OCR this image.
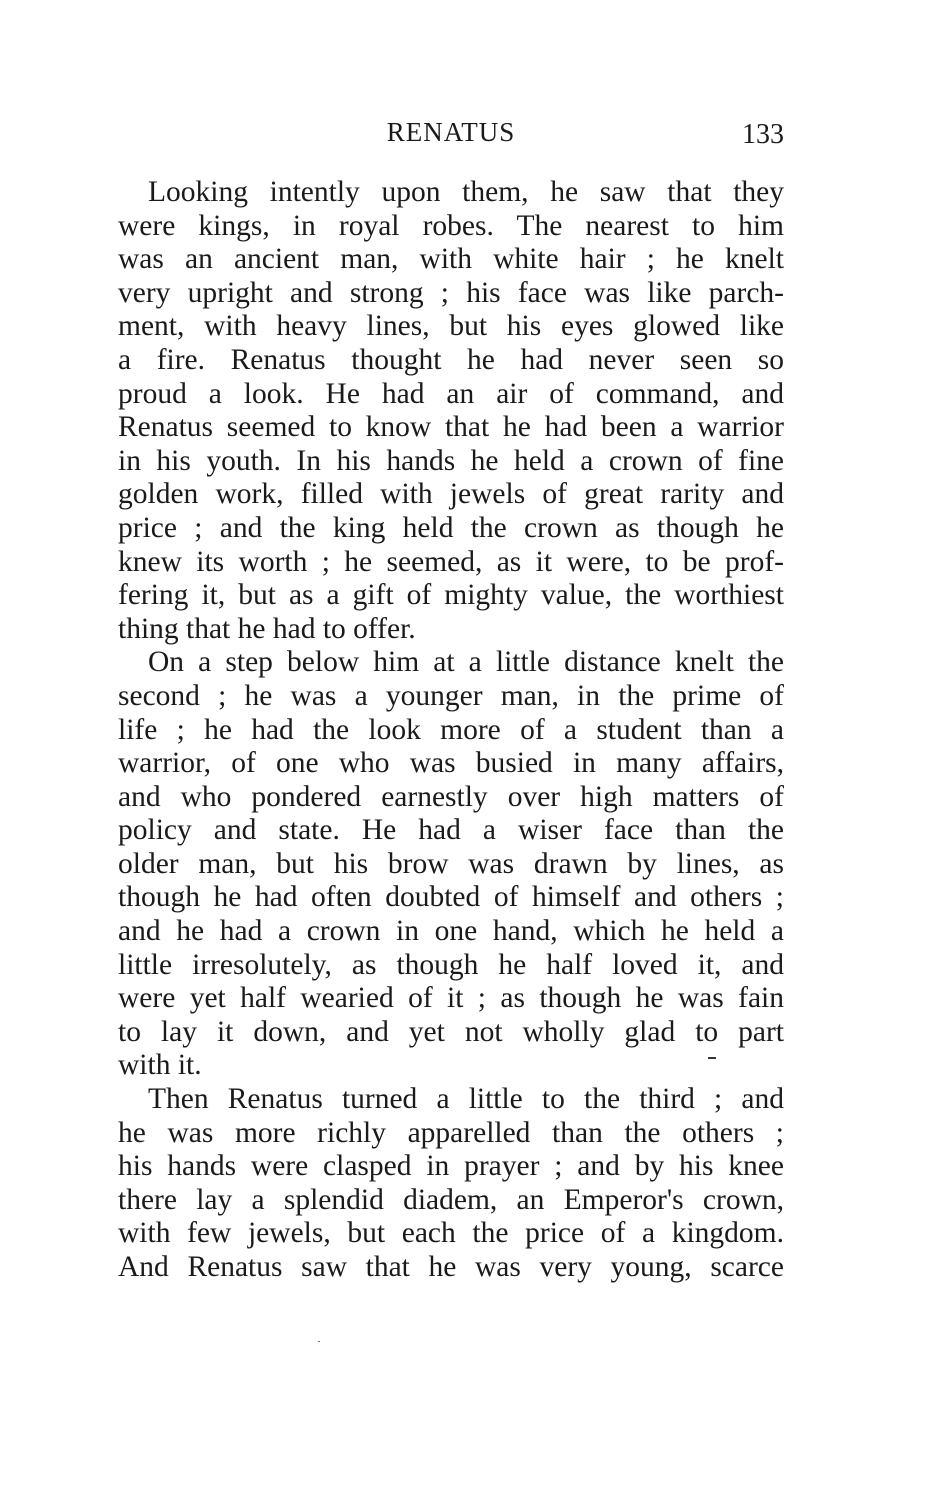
RENATUS	133

Looking intently upon them, he saw that they
were kings, in royal robes. The nearest to him
was an ancient man, with white hair ; he knelt
very upright and strong ; his face was like parch-
ment, with heavy lines, but his eyes glowed like
a fire. Renatus thought he had never seen so
proud a look. He had an air of command, and
Renatus seemed to know that he had been a warrior
in his youth. In his hands he held a crown of fine
golden work, filled with jewels of great rarity and
price ; and the king held the crown as though he
knew its worth ; he seemed, as it were, to be prof-
fering it, but as a gift of mighty value, the worthiest
thing that he had to offer.

On a step below him at a little distance knelt the
second ; he was a younger man, in the prime of
life ; he had the look more of a student than a
warrior, of one who was busied in many affairs,
and who pondered earnestly over high matters of
policy and state. He had a wiser face than the
older man, but his brow was drawn by lines, as
though he had often doubted of himself and others ;
and he had a crown in one hand, which he held a
little irresolutely, as though he half loved it, and
were yet half wearied of it ; as though he was fain
to lay it down, and yet not wholly glad to part
with it.

Then Renatus turned a little to the third ; and
he was more richly apparelled than the others ;
his hands were clasped in prayer ; and by his knee
there lay a splendid diadem, an Emperor's crown,
with few jewels, but each the price of a kingdom.
And Renatus saw that he was very young, scarce
